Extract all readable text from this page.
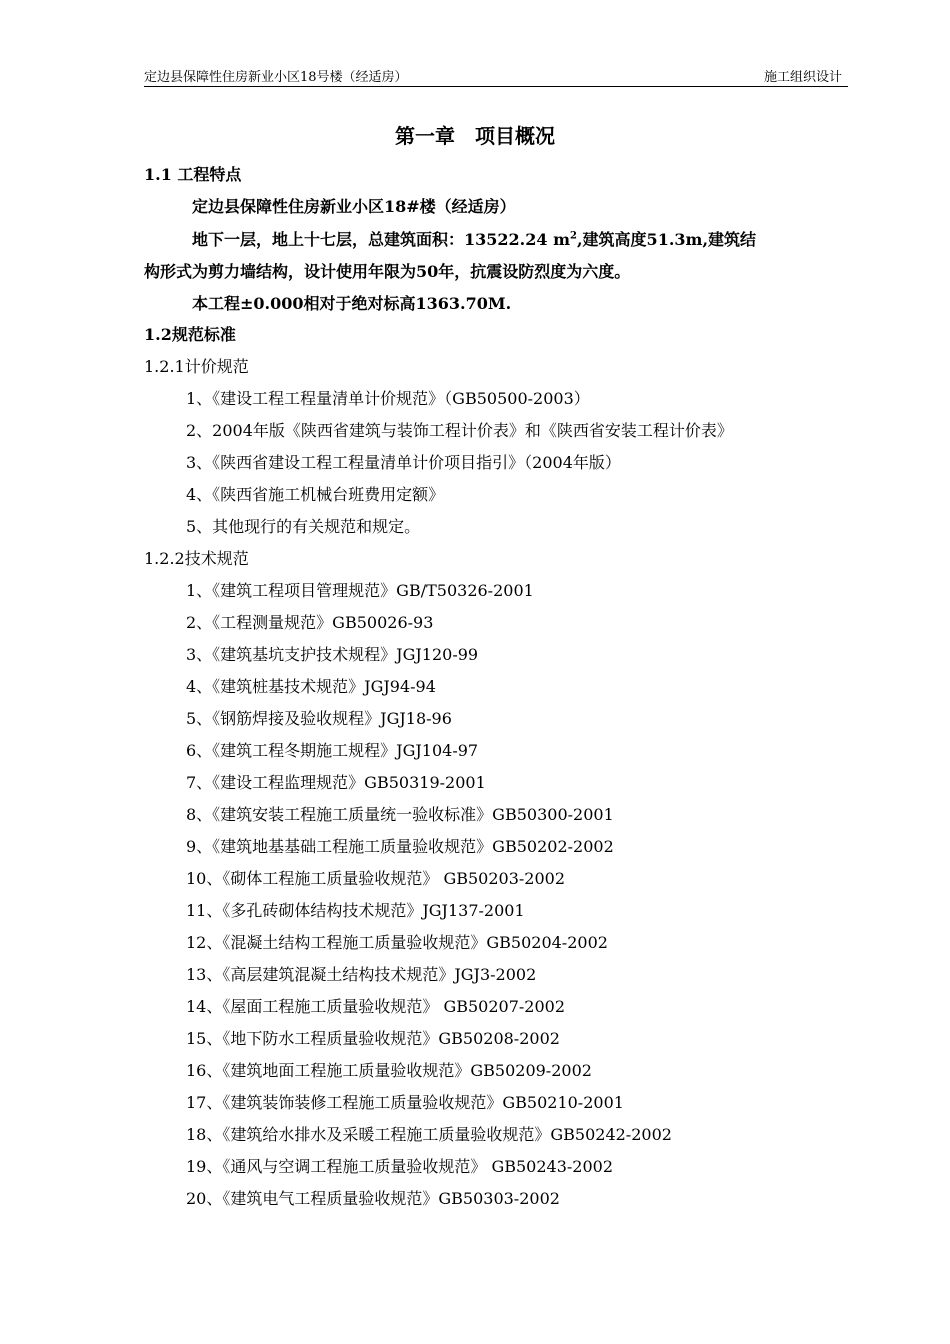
定边县保障性住房新业小区18号楼（经适房）	施工组织设计
第一章　项目概况
1.1 工程特点
定边县保障性住房新业小区18#楼（经适房）
地下一层，地上十七层，总建筑面积：13522.24 $m^2$,建筑高度51.3m,建筑结
构形式为剪力墙结构，设计使用年限为50年，抗震设防烈度为六度。
本工程±0.000相对于绝对标高1363.70M.
1.2规范标准
1.2.1计价规范
1、《建设工程工程量清单计价规范》（GB50500-2003）
2、2004年版《陕西省建筑与装饰工程计价表》和《陕西省安装工程计价表》
3、《陕西省建设工程工程量清单计价项目指引》（2004年版）
4、《陕西省施工机械台班费用定额》
5、其他现行的有关规范和规定。
1.2.2技术规范
1、《建筑工程项目管理规范》GB/T50326-2001
2、《工程测量规范》GB50026-93
3、《建筑基坑支护技术规程》JGJ120-99
4、《建筑桩基技术规范》JGJ94-94
5、《钢筋焊接及验收规程》JGJ18-96
6、《建筑工程冬期施工规程》JGJ104-97
7、《建设工程监理规范》GB50319-2001
8、《建筑安装工程施工质量统一验收标准》GB50300-2001
9、《建筑地基基础工程施工质量验收规范》GB50202-2002
10、《砌体工程施工质量验收规范》 GB50203-2002
11、《多孔砖砌体结构技术规范》JGJ137-2001
12、《混凝土结构工程施工质量验收规范》GB50204-2002
13、《高层建筑混凝土结构技术规范》JGJ3-2002
14、《屋面工程施工质量验收规范》 GB50207-2002
15、《地下防水工程质量验收规范》GB50208-2002
16、《建筑地面工程施工质量验收规范》GB50209-2002
17、《建筑装饰装修工程施工质量验收规范》GB50210-2001
18、《建筑给水排水及采暖工程施工质量验收规范》GB50242-2002
19、《通风与空调工程施工质量验收规范》 GB50243-2002
20、《建筑电气工程质量验收规范》GB50303-2002
